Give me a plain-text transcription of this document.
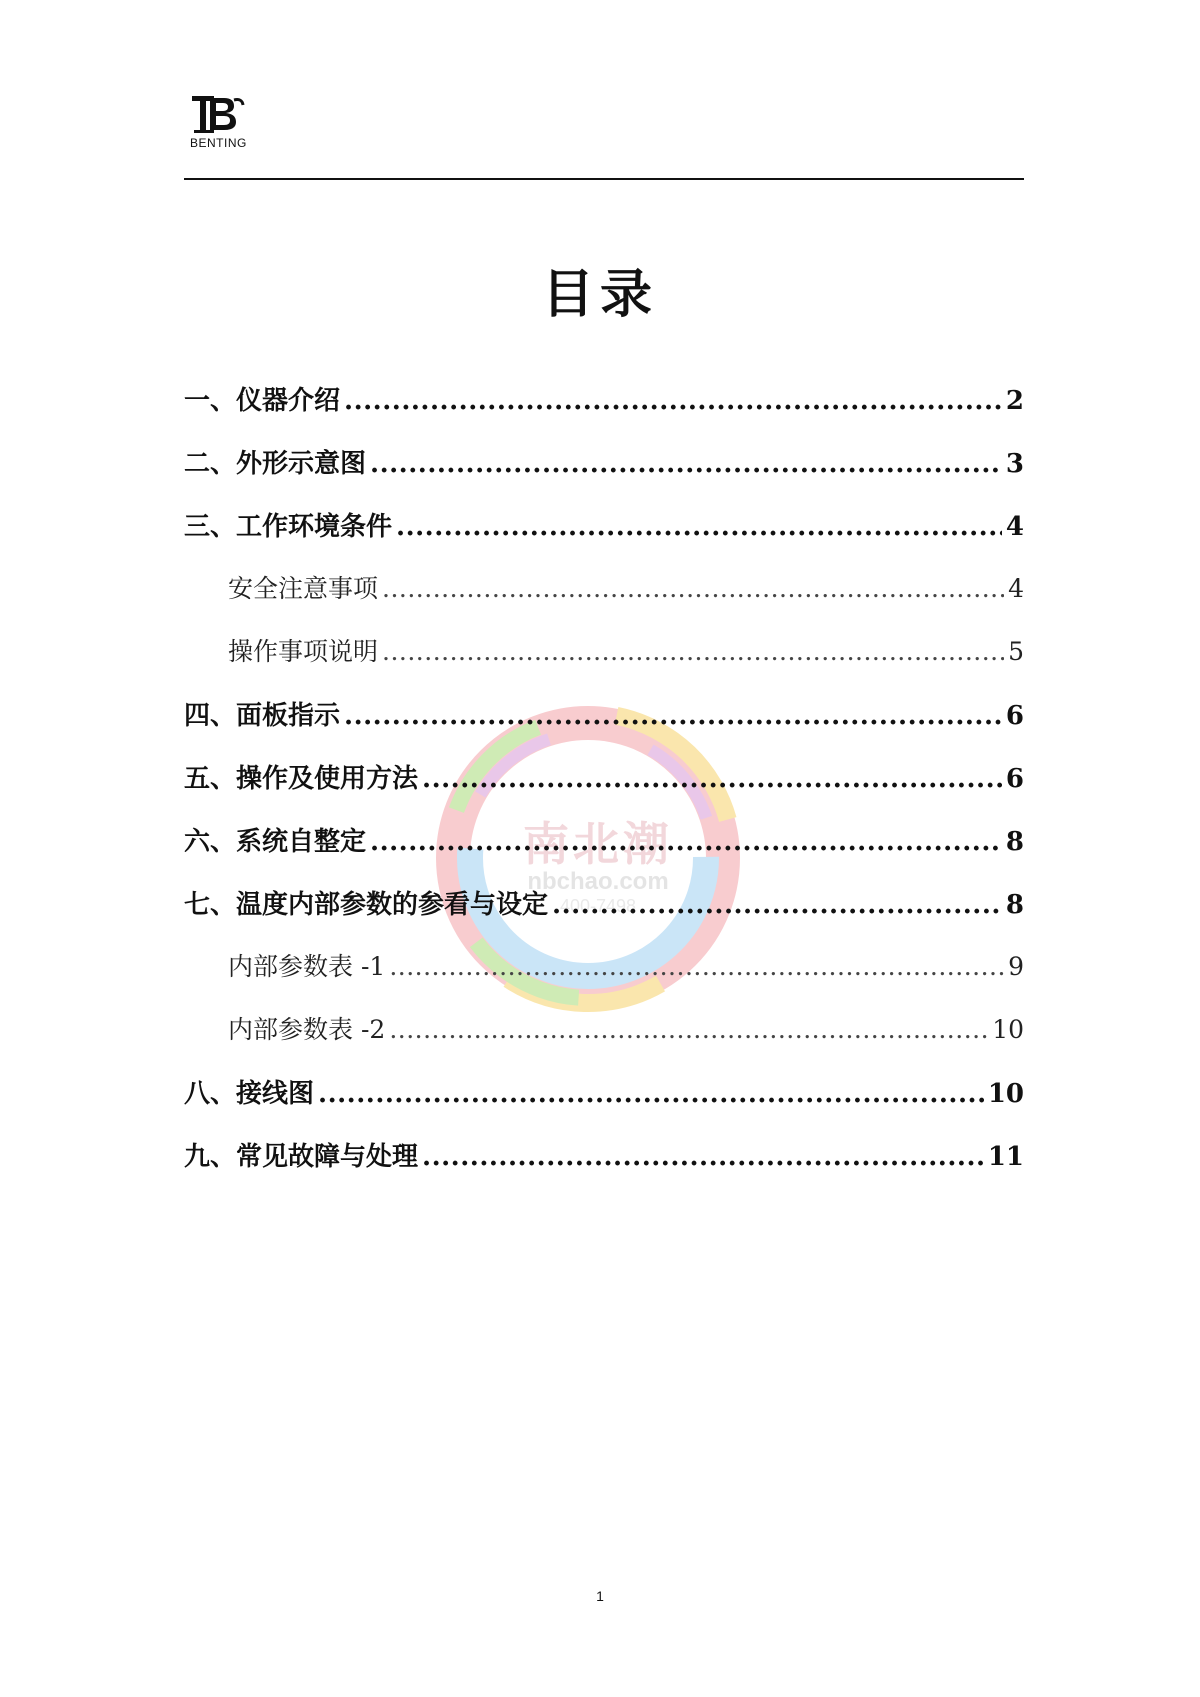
BENTING
目录
南北潮
nbchao.com
400-7498
一、仪器介绍 .....	2
二、外形示意图 .....	3
三、工作环境条件 .....	4
安全注意事项 .....	4
操作事项说明 .....	5
四、面板指示 .....	6
五、操作及使用方法 .....	6
六、系统自整定 .....	8
七、温度内部参数的参看与设定 .....	8
内部参数表 -1 .....	9
内部参数表 -2 .....	10
八、接线图 .....	10
九、常见故障与处理 .....	11
1
